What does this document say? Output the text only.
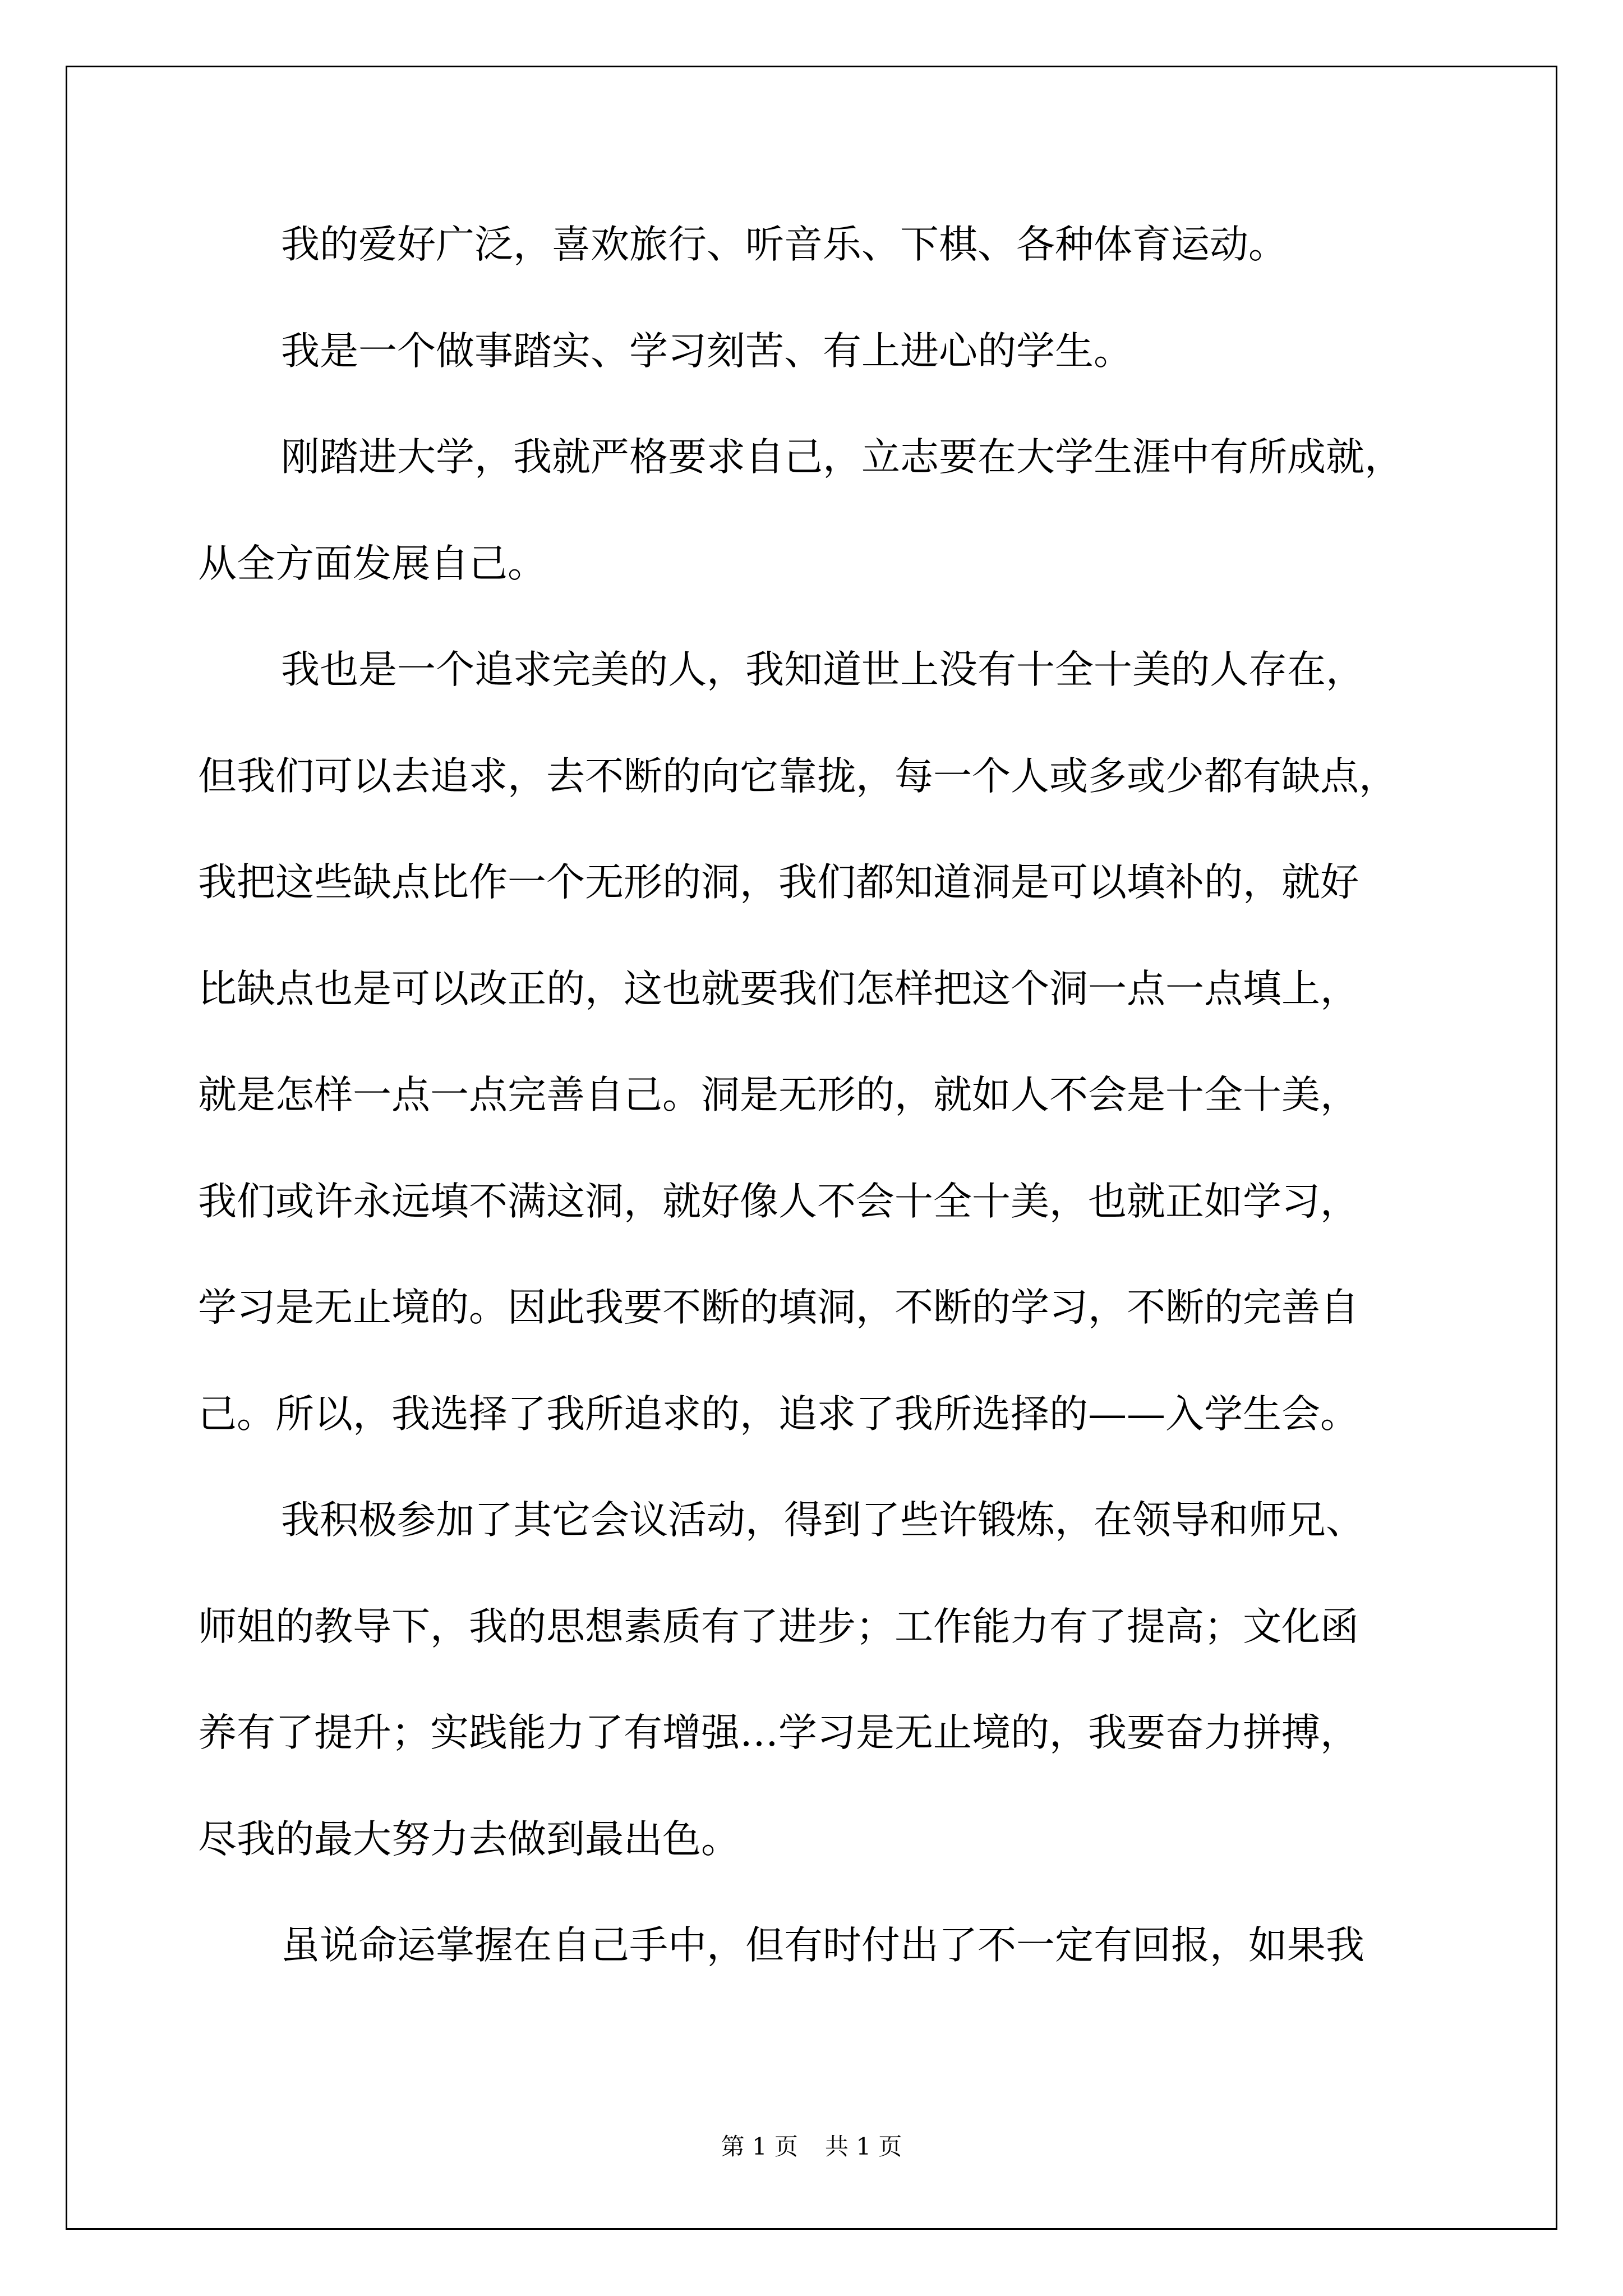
我的爱好广泛，喜欢旅行、听音乐、下棋、各种体育运动。
我是一个做事踏实、学习刻苦、有上进心的学生。
刚踏进大学，我就严格要求自己，立志要在大学生涯中有所成就，
从全方面发展自己。
我也是一个追求完美的人，我知道世上没有十全十美的人存在，
但我们可以去追求，去不断的向它靠拢，每一个人或多或少都有缺点，
我把这些缺点比作一个无形的洞，我们都知道洞是可以填补的，就好
比缺点也是可以改正的，这也就要我们怎样把这个洞一点一点填上，
就是怎样一点一点完善自己。洞是无形的，就如人不会是十全十美，
我们或许永远填不满这洞，就好像人不会十全十美，也就正如学习，
学习是无止境的。因此我要不断的填洞，不断的学习，不断的完善自
己。所以，我选择了我所追求的，追求了我所选择的——入学生会。
我积极参加了其它会议活动，得到了些许锻炼，在领导和师兄、
师姐的教导下，我的思想素质有了进步；工作能力有了提高；文化函
养有了提升；实践能力了有增强…学习是无止境的，我要奋力拼搏，
尽我的最大努力去做到最出色。
虽说命运掌握在自己手中，但有时付出了不一定有回报，如果我
第 1 页 共 1 页
